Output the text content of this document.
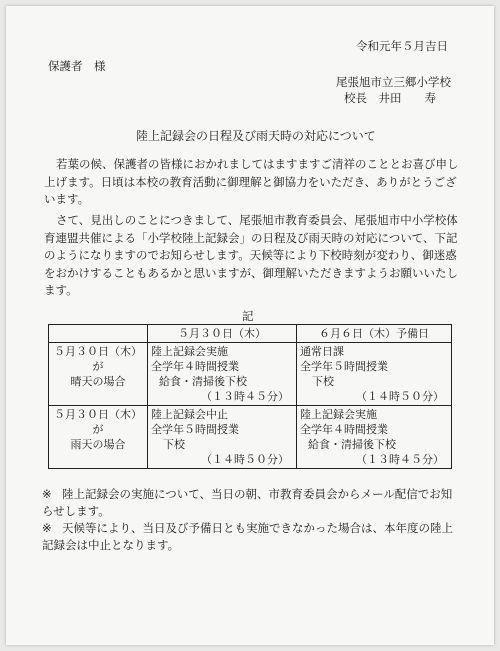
令和元年５月吉日
保護者　様
尾張旭市立三郷小学校
校長　井田　　寿
陸上記録会の日程及び雨天時の対応について
若葉の候、保護者の皆様におかれましてはますますご清祥のこととお喜び申し上げます。日頃は本校の教育活動に御理解と御協力をいただき、ありがとうございます。
さて、見出しのことにつきまして、尾張旭市教育委員会、尾張旭市中小学校体育連盟共催による「小学校陸上記録会」の日程及び雨天時の対応について、下記のようになりますのでお知らせします。天候等により下校時刻が変わり、御迷惑をおかけすることもあるかと思いますが、御理解いただきますようお願いいたします。
記
	５月３０日（木）	６月６日（木）予備日

５月３０日（木）
が
晴天の場合	陸上記録会実施
全学年４時間授業
給食・清掃後下校
（１３時４５分）	通常日課
全学年５時間授業
下校
（１４時５０分）

５月３０日（木）
が
雨天の場合	陸上記録会中止
全学年５時間授業
下校
（１４時５０分）	陸上記録会実施
全学年４時間授業
給食・清掃後下校
（１３時４５分）
※ 陸上記録会の実施について、当日の朝、市教育委員会からメール配信でお知らせします。
※ 天候等により、当日及び予備日とも実施できなかった場合は、本年度の陸上記録会は中止となります。
